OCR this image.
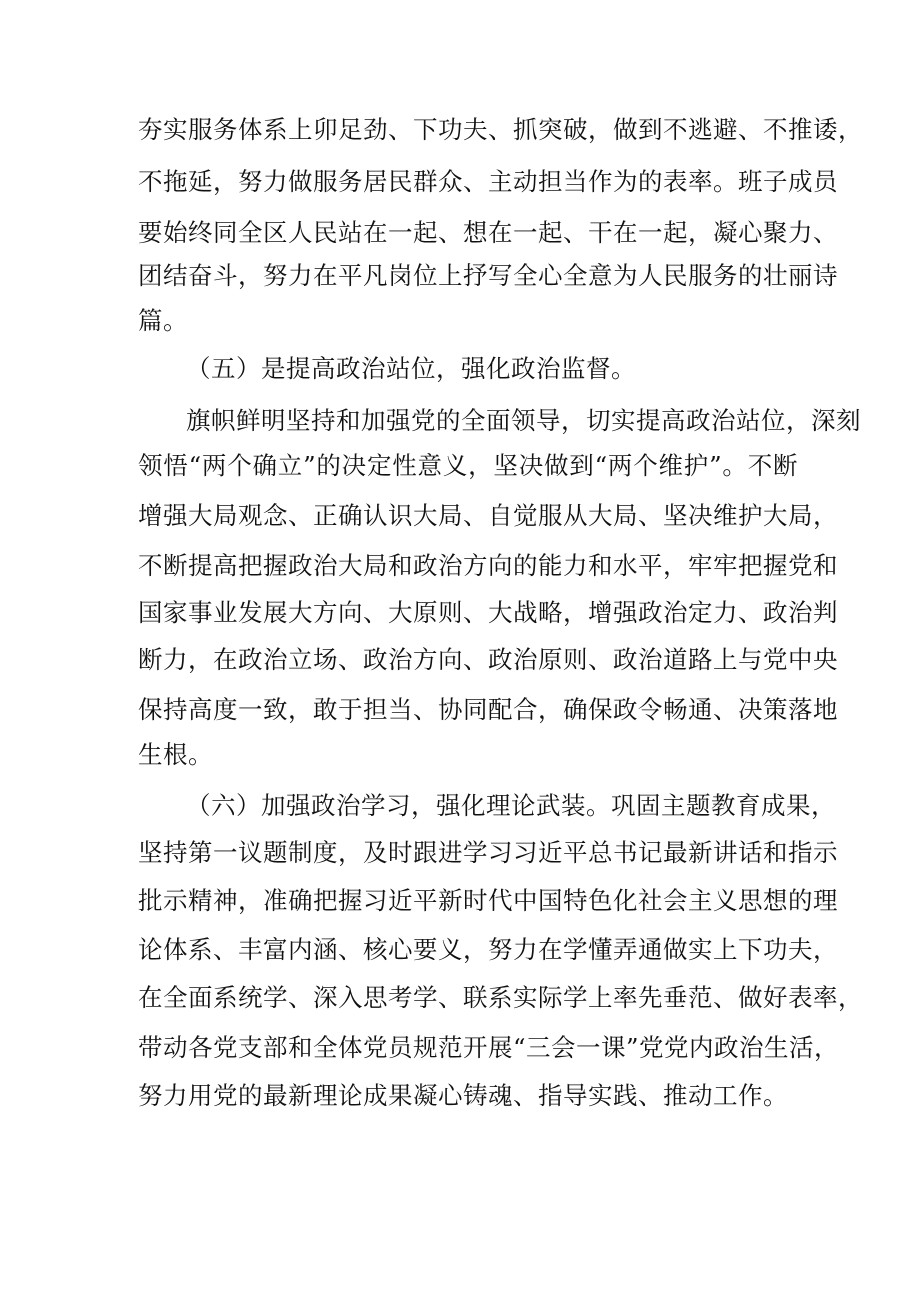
夯实服务体系上卯足劲、下功夫、抓突破，做到不逃避、不推诿，
不拖延，努力做服务居民群众、主动担当作为的表率。班子成员
要始终同全区人民站在一起、想在一起、干在一起，凝心聚力、
团结奋斗，努力在平凡岗位上抒写全心全意为人民服务的壮丽诗
篇。
（五）是提高政治站位，强化政治监督。
旗帜鲜明坚持和加强党的全面领导，切实提高政治站位，深刻
领悟“两个确立”的决定性意义，坚决做到“两个维护”。不断
增强大局观念、正确认识大局、自觉服从大局、坚决维护大局，
不断提高把握政治大局和政治方向的能力和水平，牢牢把握党和
国家事业发展大方向、大原则、大战略，增强政治定力、政治判
断力，在政治立场、政治方向、政治原则、政治道路上与党中央
保持高度一致，敢于担当、协同配合，确保政令畅通、决策落地
生根。
（六）加强政治学习，强化理论武装。巩固主题教育成果，
坚持第一议题制度，及时跟进学习习近平总书记最新讲话和指示
批示精神，准确把握习近平新时代中国特色化社会主义思想的理
论体系、丰富内涵、核心要义，努力在学懂弄通做实上下功夫，
在全面系统学、深入思考学、联系实际学上率先垂范、做好表率，
带动各党支部和全体党员规范开展“三会一课”党党内政治生活，
努力用党的最新理论成果凝心铸魂、指导实践、推动工作。
